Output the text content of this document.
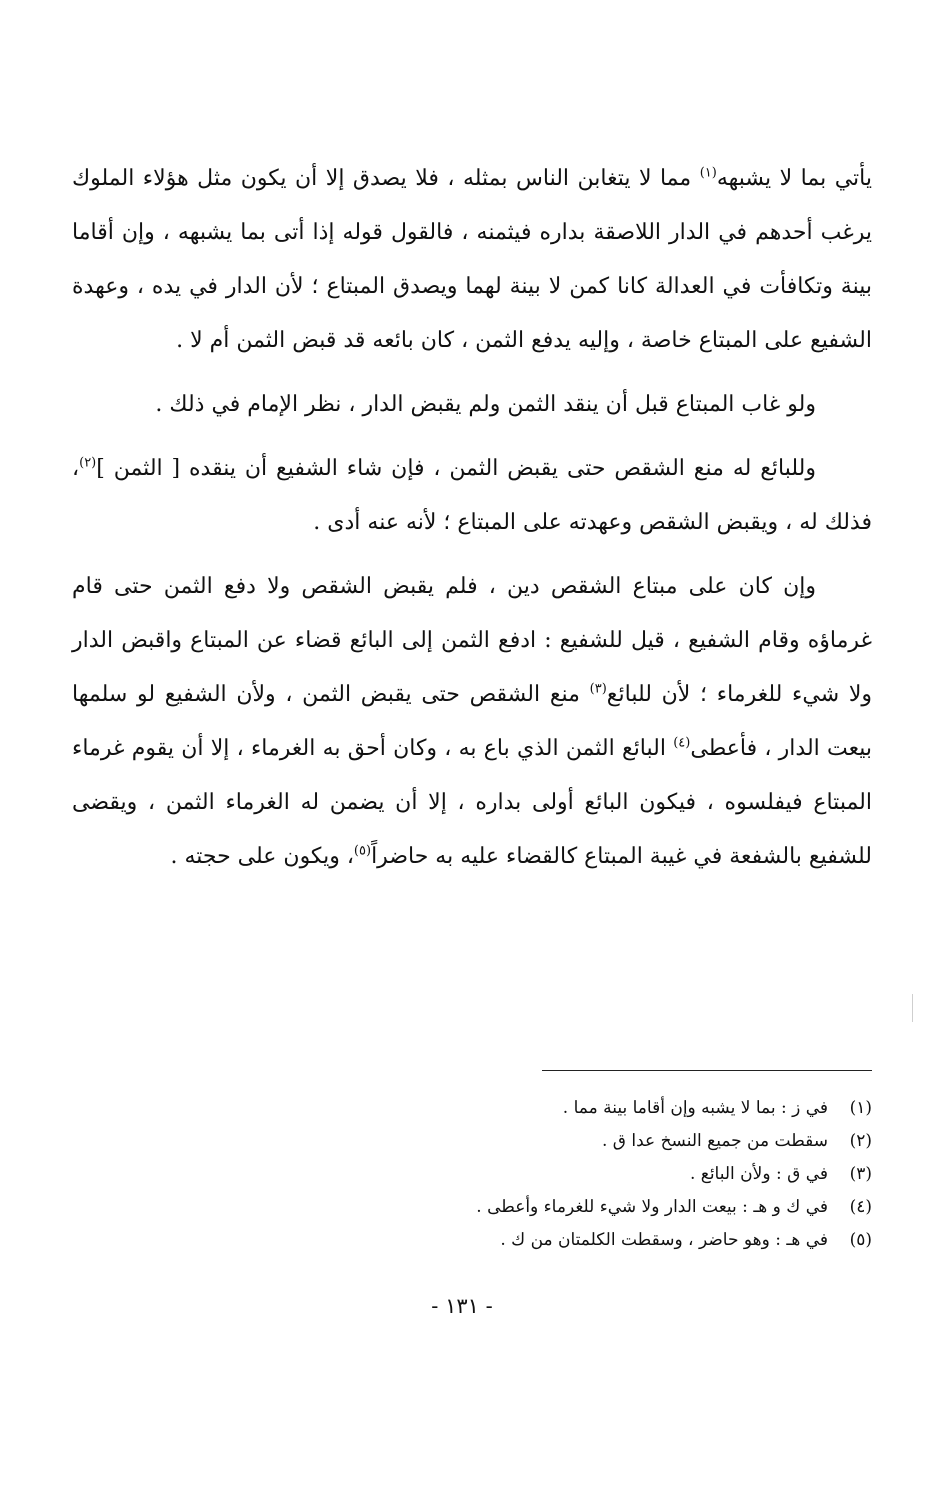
يأتي بما لا يشبهه$^{(١)}$ مما لا يتغابن الناس بمثله ، فلا يصدق إلا أن يكون مثل هؤلاء الملوك يرغب أحدهم في الدار اللاصقة بداره فيثمنه ، فالقول قوله إذا أتى بما يشبهه ، وإن أقاما بينة وتكافأت في العدالة كانا كمن لا بينة لهما ويصدق المبتاع ؛ لأن الدار في يده ، وعهدة الشفيع على المبتاع خاصة ، وإليه يدفع الثمن ، كان بائعه قد قبض الثمن أم لا .

ولو غاب المبتاع قبل أن ينقد الثمن ولم يقبض الدار ، نظر الإمام في ذلك .

وللبائع له منع الشقص حتى يقبض الثمن ، فإن شاء الشفيع أن ينقده [ الثمن ]$^{(٢)}$، فذلك له ، ويقبض الشقص وعهدته على المبتاع ؛ لأنه عنه أدى .

وإن كان على مبتاع الشقص دين ، فلم يقبض الشقص ولا دفع الثمن حتى قام غرماؤه وقام الشفيع ، قيل للشفيع : ادفع الثمن إلى البائع قضاء عن المبتاع واقبض الدار ولا شيء للغرماء ؛ لأن للبائع$^{(٣)}$ منع الشقص حتى يقبض الثمن ، ولأن الشفيع لو سلمها بيعت الدار ، فأعطى$^{(٤)}$ البائع الثمن الذي باع به ، وكان أحق به الغرماء ، إلا أن يقوم غرماء المبتاع فيفلسوه ، فيكون البائع أولى بداره ، إلا أن يضمن له الغرماء الثمن ، ويقضى للشفيع بالشفعة في غيبة المبتاع كالقضاء عليه به حاضراً$^{(٥)}$، ويكون على حجته .

(١)في ز : بما لا يشبه وإن أقاما بينة مما .
(٢)سقطت من جميع النسخ عدا ق .
(٣)في ق : ولأن البائع .
(٤)في ك و هـ : بيعت الدار ولا شيء للغرماء وأعطى .
(٥)في هـ : وهو حاضر ، وسقطت الكلمتان من ك .
- ١٣١ -
